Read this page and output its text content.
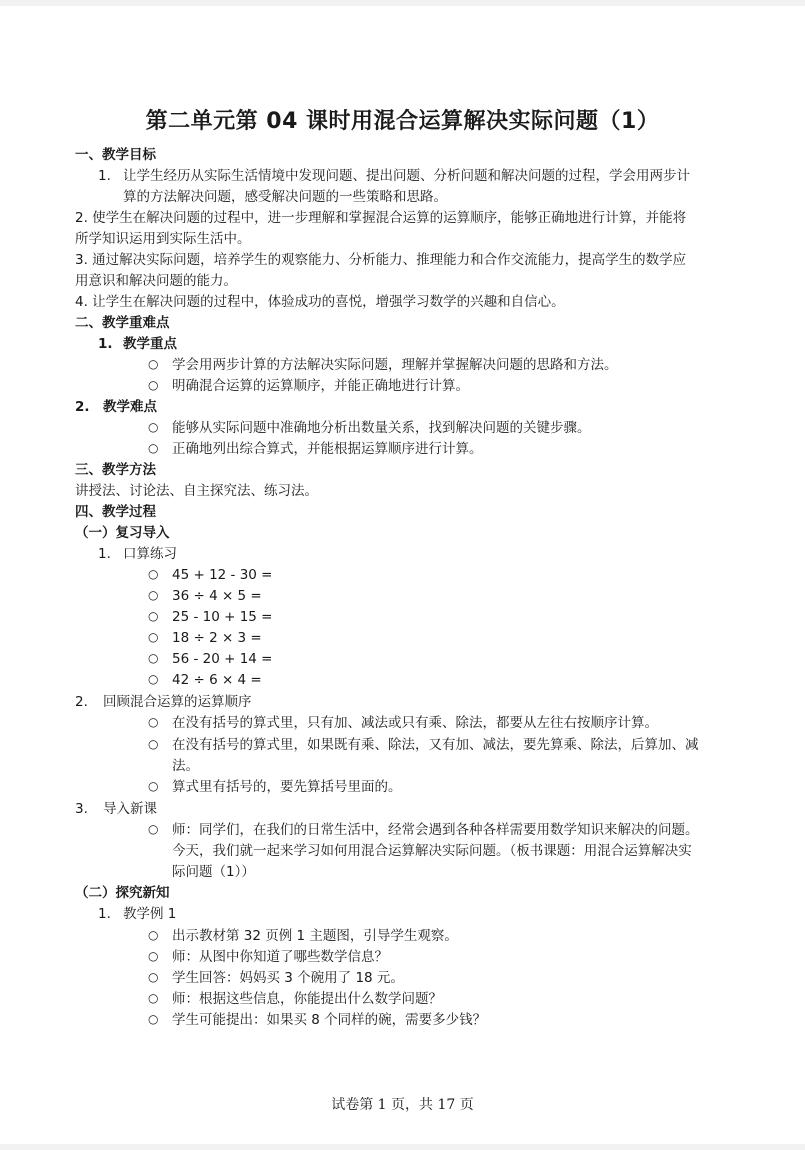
第二单元第 04 课时用混合运算解决实际问题（1）
一、教学目标
1. 让学生经历从实际生活情境中发现问题、提出问题、分析问题和解决问题的过程，学会用两步计
算的方法解决问题，感受解决问题的一些策略和思路。
2. 使学生在解决问题的过程中，进一步理解和掌握混合运算的运算顺序，能够正确地进行计算，并能将
所学知识运用到实际生活中。
3. 通过解决实际问题，培养学生的观察能力、分析能力、推理能力和合作交流能力，提高学生的数学应
用意识和解决问题的能力。
4. 让学生在解决问题的过程中，体验成功的喜悦，增强学习数学的兴趣和自信心。
二、教学重难点
1. 教学重点
○ 学会用两步计算的方法解决实际问题，理解并掌握解决问题的思路和方法。
○ 明确混合运算的运算顺序，并能正确地进行计算。
2. 教学难点
○ 能够从实际问题中准确地分析出数量关系，找到解决问题的关键步骤。
○ 正确地列出综合算式，并能根据运算顺序进行计算。
三、教学方法
讲授法、讨论法、自主探究法、练习法。
四、教学过程
（一）复习导入
1. 口算练习
○ 45 + 12 - 30 =
○ 36 ÷ 4 × 5 =
○ 25 - 10 + 15 =
○ 18 ÷ 2 × 3 =
○ 56 - 20 + 14 =
○ 42 ÷ 6 × 4 =
2. 回顾混合运算的运算顺序
○ 在没有括号的算式里，只有加、减法或只有乘、除法，都要从左往右按顺序计算。
○ 在没有括号的算式里，如果既有乘、除法，又有加、减法，要先算乘、除法，后算加、减
法。
○ 算式里有括号的，要先算括号里面的。
3. 导入新课
○ 师：同学们，在我们的日常生活中，经常会遇到各种各样需要用数学知识来解决的问题。
今天，我们就一起来学习如何用混合运算解决实际问题。（板书课题：用混合运算解决实
际问题（1））
（二）探究新知
1. 教学例 1
○ 出示教材第 32 页例 1 主题图，引导学生观察。
○ 师：从图中你知道了哪些数学信息？
○ 学生回答：妈妈买 3 个碗用了 18 元。
○ 师：根据这些信息，你能提出什么数学问题？
○ 学生可能提出：如果买 8 个同样的碗，需要多少钱？
试卷第 1 页，共 17 页
